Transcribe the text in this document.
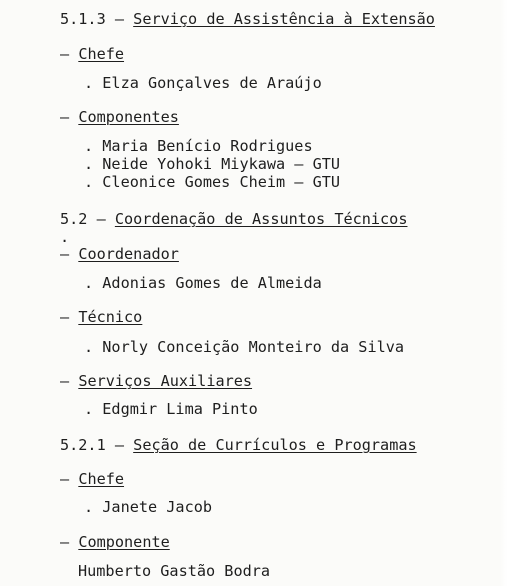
5.1.3 – Serviço de Assistência à Extensão
– Chefe
. Elza Gonçalves de Araújo
– Componentes
. Maria Benício Rodrigues
. Neide Yohoki Miykawa – GTU
. Cleonice Gomes Cheim – GTU
5.2 – Coordenação de Assuntos Técnicos
.
– Coordenador
. Adonias Gomes de Almeida
– Técnico
. Norly Conceição Monteiro da Silva
– Serviços Auxiliares
. Edgmir Lima Pinto
5.2.1 – Seção de Currículos e Programas
– Chefe
. Janete Jacob
– Componente
Humberto Gastão Bodra
